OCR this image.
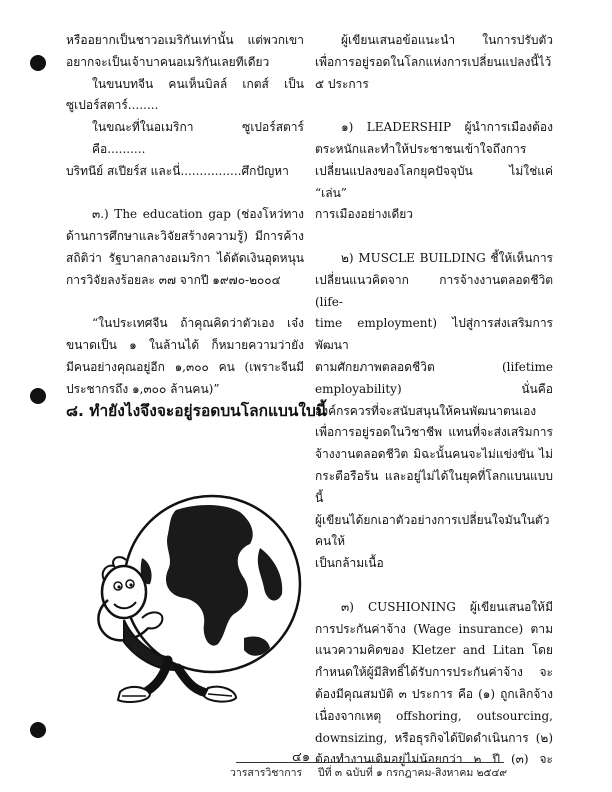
หรืออยากเป็นชาวอเมริกันเท่านั้น แต่พวกเขา

อยากจะเป็นเจ้าบาคนอเมริกันเลยทีเดียว

ในขนบทจีน คนเห็นบิลล์ เกตส์ เป็น

ซูเปอร์สตาร์........

ในขณะที่ในอเมริกา ซูเปอร์สตาร์คือ..........

บริทนีย์ สเปียร์ส และนี่................ศึกปัญหา

๓.) The education gap (ช่องโหว่ทาง

ด้านการศึกษาและวิจัยสร้างความรู้) มีการค้าง

สถิติว่า รัฐบาลกลางอเมริกา ได้ตัดเงินอุดหนุน

การวิจัยลงร้อยละ ๓๗ จากปี ๑๙๗๐-๒๐๐๔

“ในประเทศจีน ถ้าคุณคิดว่าตัวเอง เจ๋ง

ขนาดเป็น ๑ ในล้านได้ ก็หมายความว่ายัง

มีคนอย่างคุณอยู่อีก ๑,๓๐๐ คน (เพราะจีนมี

ประชากรถึง ๑,๓๐๐ ล้านคน)”

๘. ทำยังไงจึงจะอยู่รอดบนโลกแบนใบนี้

ผู้เขียนเสนอข้อแนะนำ ในการปรับตัว

เพื่อการอยู่รอดในโลกแห่งการเปลี่ยนแปลงนี้ไว้

๕ ประการ

๑) LEADERSHIP ผู้นำการเมืองต้อง

ตระหนักและทำให้ประชาชนเข้าใจถึงการ

เปลี่ยนแปลงของโลกยุคปัจจุบัน ไม่ใช่แค่ “เล่น”

การเมืองอย่างเดียว

๒) MUSCLE BUILDING ชี้ให้เห็นการ

เปลี่ยนแนวคิดจาก การจ้างงานตลอดชีวิต (life-

time employment) ไปสู่การส่งเสริมการพัฒนา

ตามศักยภาพตลอดชีวิต (lifetime employability) นั่นคือ

องค์กรควรที่จะสนับสนุนให้คนพัฒนาตนเอง

เพื่อการอยู่รอดในวิชาชีพ แทนที่จะส่งเสริมการ

จ้างงานตลอดชีวิต มิฉะนั้นคนจะไม่แข่งขัน ไม่

กระตือรือร้น และอยู่ไม่ได้ในยุคที่โลกแบนแบบนี้

ผู้เขียนได้ยกเอาตัวอย่างการเปลี่ยนใจมันในตัวคนให้

เป็นกล้ามเนื้อ

๓) CUSHIONING ผู้เขียนเสนอให้มี

การประกันค่าจ้าง (Wage insurance) ตาม

แนวความคิดของ Kletzer and Litan โดย

กำหนดให้ผู้มีสิทธิ์ได้รับการประกันค่าจ้าง จะ

ต้องมีคุณสมบัติ ๓ ประการ คือ (๑) ถูกเลิกจ้าง

เนื่องจากเหตุ offshoring, outsourcing,

downsizing, หรือธุรกิจได้ปิดดำเนินการ (๒)

ต้องทำงานเดิมอยู่ไม่น้อยกว่า ๒ ปี (๓) จะ

๔๑
วารสารวิชาการ ปีที่ ๓ ฉบับที่ ๑ กรกฎาคม-สิงหาคม ๒๕๔๙
